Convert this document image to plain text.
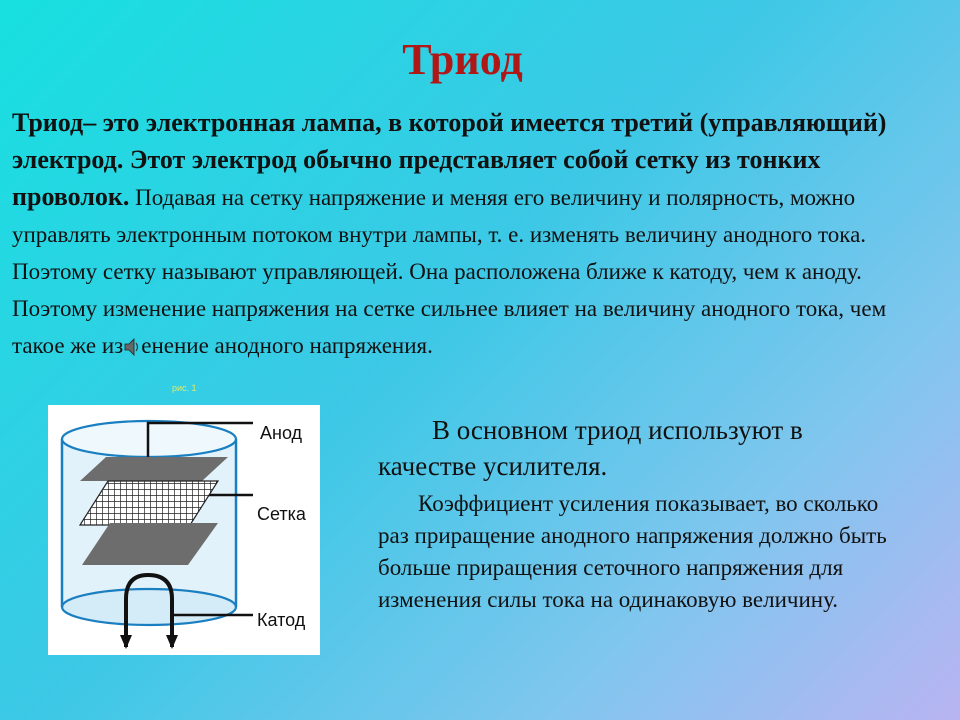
Триод
Триод– это электронная лампа, в которой имеется третий (управляющий) электрод. Этот электрод обычно представляет собой сетку из тонких проволок. Подавая на сетку напряжение и меняя его величину и полярность, можно управлять электронным потоком внутри лампы, т. е. изменять величину анодного тока. Поэтому сетку называют управляющей. Она расположена ближе к катоду, чем к аноду. Поэтому изменение напряжения на сетке сильнее влияет на величину анодного тока, чем такое же из енение анодного напряжения.
рис. 1
Анод
Сетка
Катод

В основном триод используют в качестве усилителя.

Коэффициент усиления показывает, во сколько раз приращение анодного напряжения должно быть больше приращения сеточного напряжения для изменения силы тока на одинаковую величину.
